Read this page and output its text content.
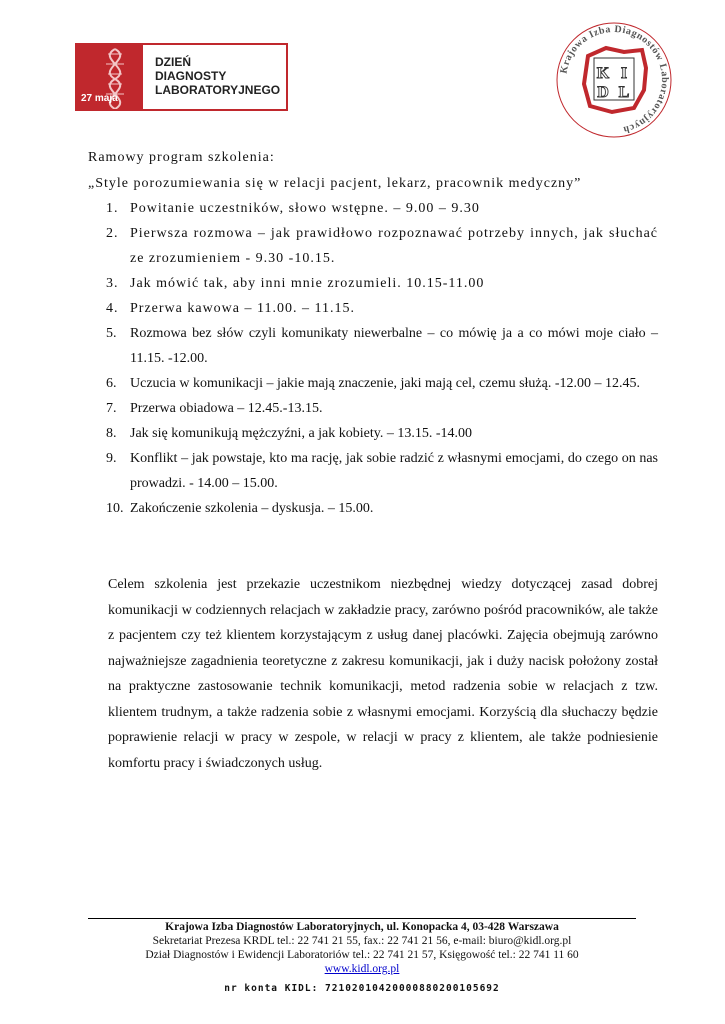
27 maja
DZIEŃ
DIAGNOSTY
LABORATORYJNEGO
Krajowa Izba Diagnostów Laboratoryjnych
K I
D L
Ramowy program szkolenia:
„Style porozumiewania się w relacji pacjent, lekarz, pracownik medyczny”
1. Powitanie uczestników, słowo wstępne. – 9.00 – 9.30
2. Pierwsza rozmowa – jak prawidłowo rozpoznawać potrzeby innych, jak słuchać ze zrozumieniem - 9.30 -10.15.
3. Jak mówić tak, aby inni mnie zrozumieli. 10.15-11.00
4. Przerwa kawowa – 11.00. – 11.15.
5. Rozmowa bez słów czyli komunikaty niewerbalne – co mówię ja a co mówi moje ciało – 11.15. -12.00.
6. Uczucia w komunikacji – jakie mają znaczenie, jaki mają cel, czemu służą. -12.00 – 12.45.
7. Przerwa obiadowa – 12.45.-13.15.
8. Jak się komunikują mężczyźni, a jak kobiety. – 13.15. -14.00
9. Konflikt – jak powstaje, kto ma rację, jak sobie radzić z własnymi emocjami, do czego on nas prowadzi. - 14.00 – 15.00.
10. Zakończenie szkolenia – dyskusja. – 15.00.
Celem szkolenia jest przekazie uczestnikom niezbędnej wiedzy dotyczącej zasad dobrej komunikacji w codziennych relacjach w zakładzie pracy, zarówno pośród pracowników, ale także z pacjentem czy też klientem korzystającym z usług danej placówki. Zajęcia obejmują zarówno najważniejsze zagadnienia teoretyczne z zakresu komunikacji, jak i duży nacisk położony został na praktyczne zastosowanie technik komunikacji, metod radzenia sobie w relacjach z tzw. klientem trudnym, a także radzenia sobie z własnymi emocjami. Korzyścią dla słuchaczy będzie poprawienie relacji w pracy w zespole, w relacji w pracy z klientem, ale także podniesienie komfortu pracy i świadczonych usług.
Krajowa Izba Diagnostów Laboratoryjnych, ul. Konopacka 4, 03-428 Warszawa
Sekretariat Prezesa KRDL tel.: 22 741 21 55, fax.: 22 741 21 56, e-mail: biuro@kidl.org.pl
Dział Diagnostów i Ewidencji Laboratoriów tel.: 22 741 21 57, Księgowość tel.: 22 741 11 60
www.kidl.org.pl
nr konta KIDL: 72102010420000880200105692
